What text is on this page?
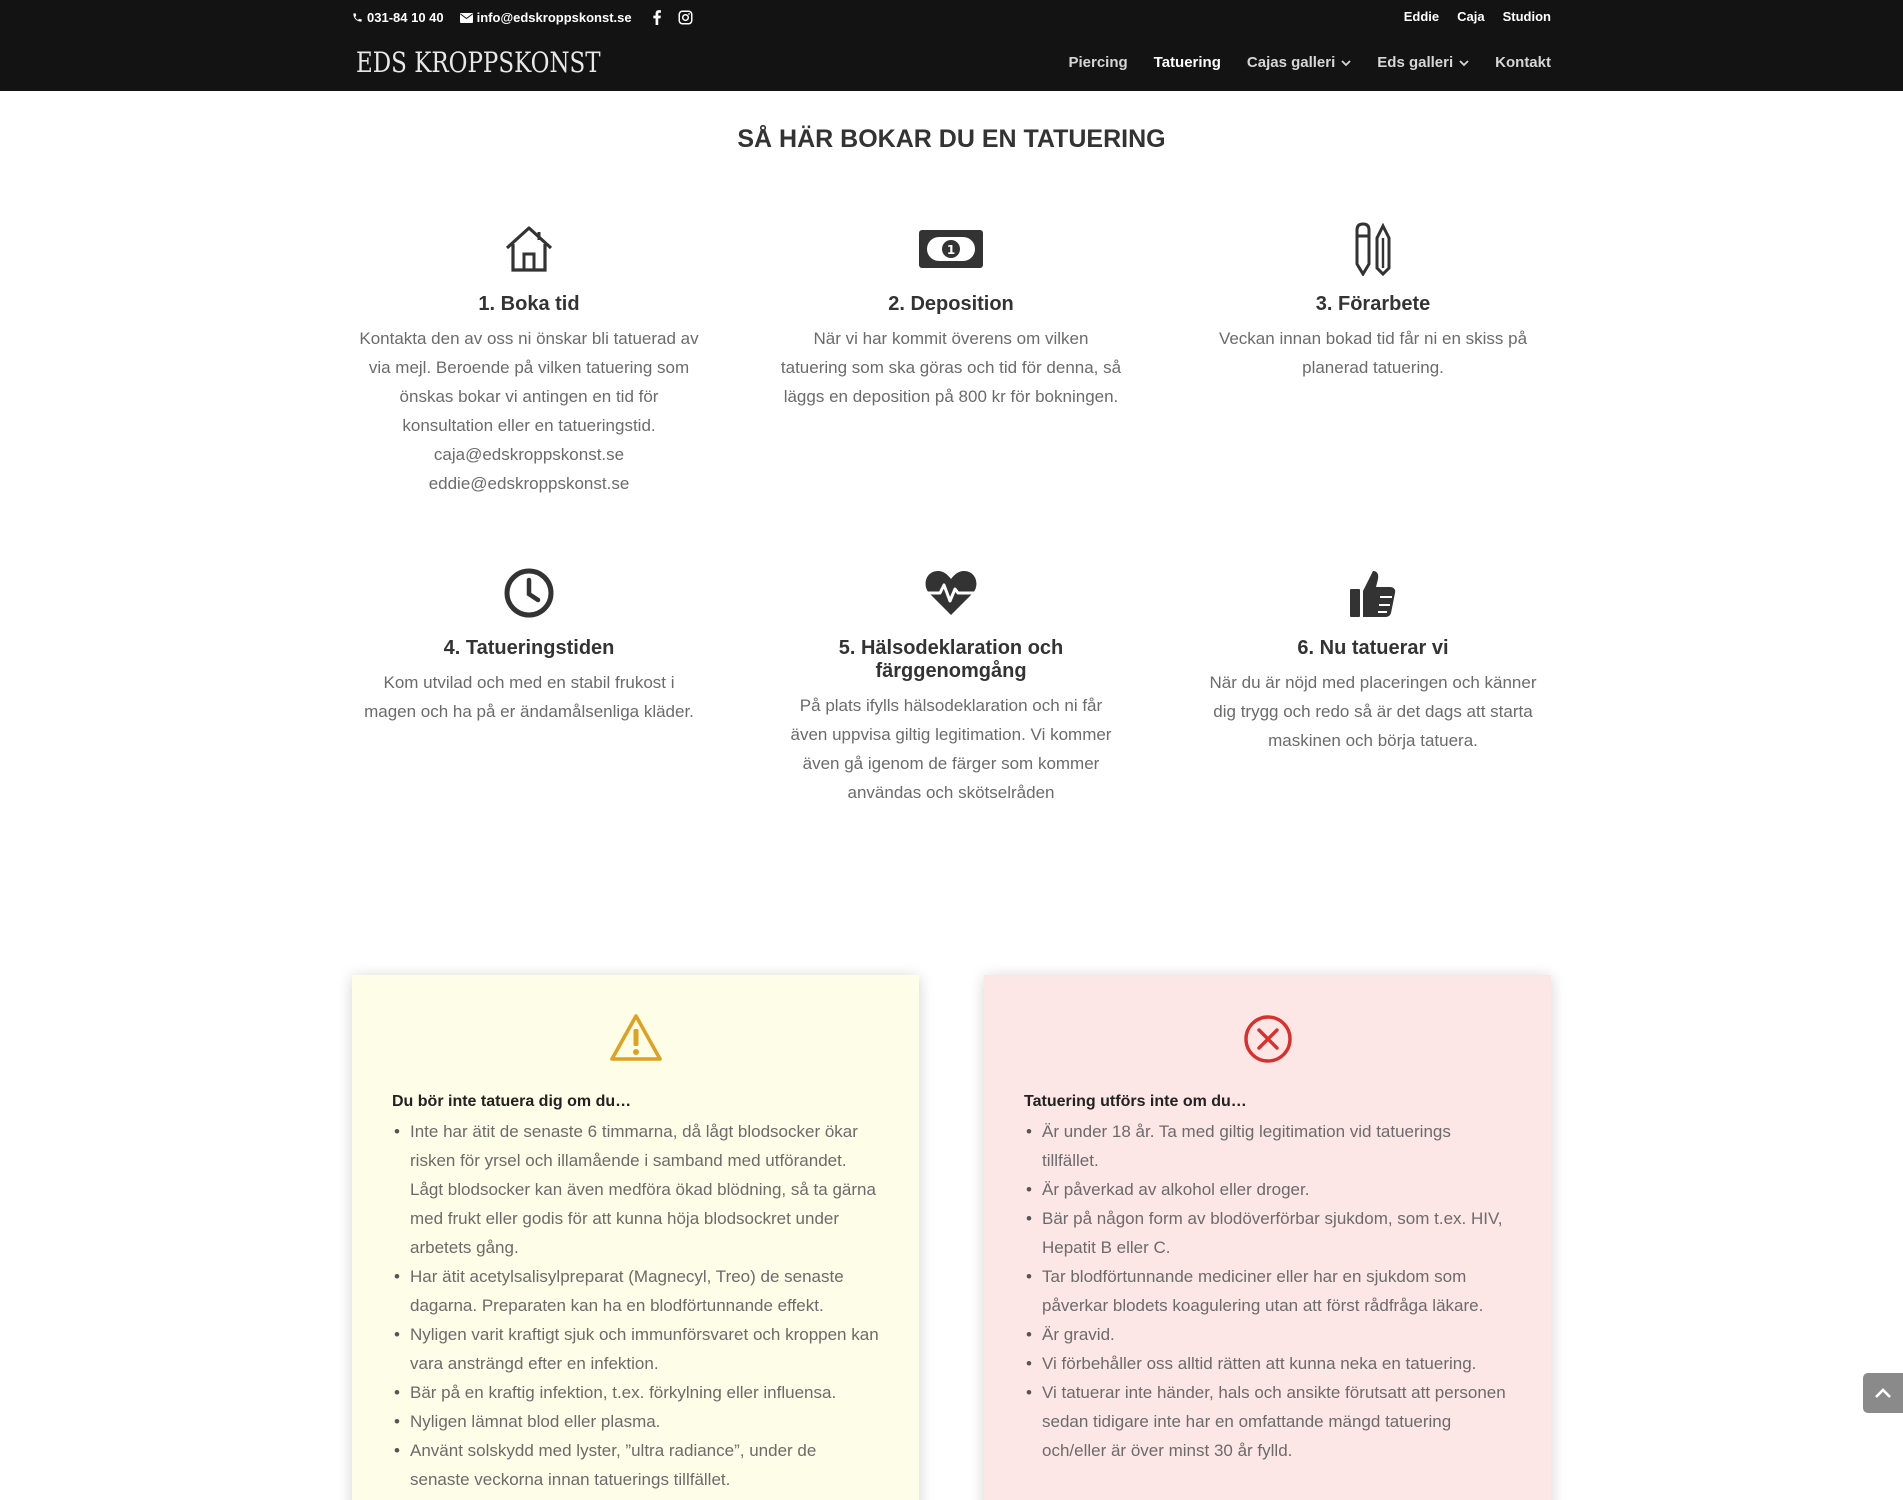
031-84 10 40	info@edskroppskonst.se	Eddie Caja Studion
EDS KROPPSKONST	Piercing Tatuering Cajas galleri	Eds galleri	Kontakt
SÅ HÄR BOKAR DU EN TATUERING
1. Boka tid

Kontakta den av oss ni önskar bli tatuerad av
via mejl. Beroende på vilken tatuering som
önskas bokar vi antingen en tid för
konsultation eller en tatueringstid.
caja@edskroppskonst.se
eddie@edskroppskonst.se

1
2. Deposition

När vi har kommit överens om vilken
tatuering som ska göras och tid för denna, så
läggs en deposition på 800 kr för bokningen.

3. Förarbete

Veckan innan bokad tid får ni en skiss på
planerad tatuering.

4. Tatueringstiden

Kom utvilad och med en stabil frukost i
magen och ha på er ändamålsenliga kläder.

5. Hälsodeklaration och färggenomgång

På plats ifylls hälsodeklaration och ni får
även uppvisa giltig legitimation. Vi kommer
även gå igenom de färger som kommer
användas och skötselråden

6. Nu tatuerar vi

När du är nöjd med placeringen och känner
dig trygg och redo så är det dags att starta
maskinen och börja tatuera.

Du bör inte tatuera dig om du…
• Inte har ätit de senaste 6 timmarna, då lågt blodsocker ökar risken för yrsel och illamående i samband med utförandet. Lågt blodsocker kan även medföra ökad blödning, så ta gärna med frukt eller godis för att kunna höja blodsockret under arbetets gång.
• Har ätit acetylsalisylpreparat (Magnecyl, Treo) de senaste dagarna. Preparaten kan ha en blodförtunnande effekt.
• Nyligen varit kraftigt sjuk och immunförsvaret och kroppen kan vara ansträngd efter en infektion.
• Bär på en kraftig infektion, t.ex. förkylning eller influensa.
• Nyligen lämnat blod eller plasma.
• Använt solskydd med lyster, ”ultra radiance”, under de senaste veckorna innan tatuerings tillfället.
Tatuering utförs inte om du…
• Är under 18 år. Ta med giltig legitimation vid tatuerings tillfället.
• Är påverkad av alkohol eller droger.
• Bär på någon form av blodöverförbar sjukdom, som t.ex. HIV, Hepatit B eller C.
• Tar blodförtunnande mediciner eller har en sjukdom som påverkar blodets koagulering utan att först rådfråga läkare.
• Är gravid.
• Vi förbehåller oss alltid rätten att kunna neka en tatuering.
• Vi tatuerar inte händer, hals och ansikte förutsatt att personen sedan tidigare inte har en omfattande mängd tatuering och/eller är över minst 30 år fylld.
